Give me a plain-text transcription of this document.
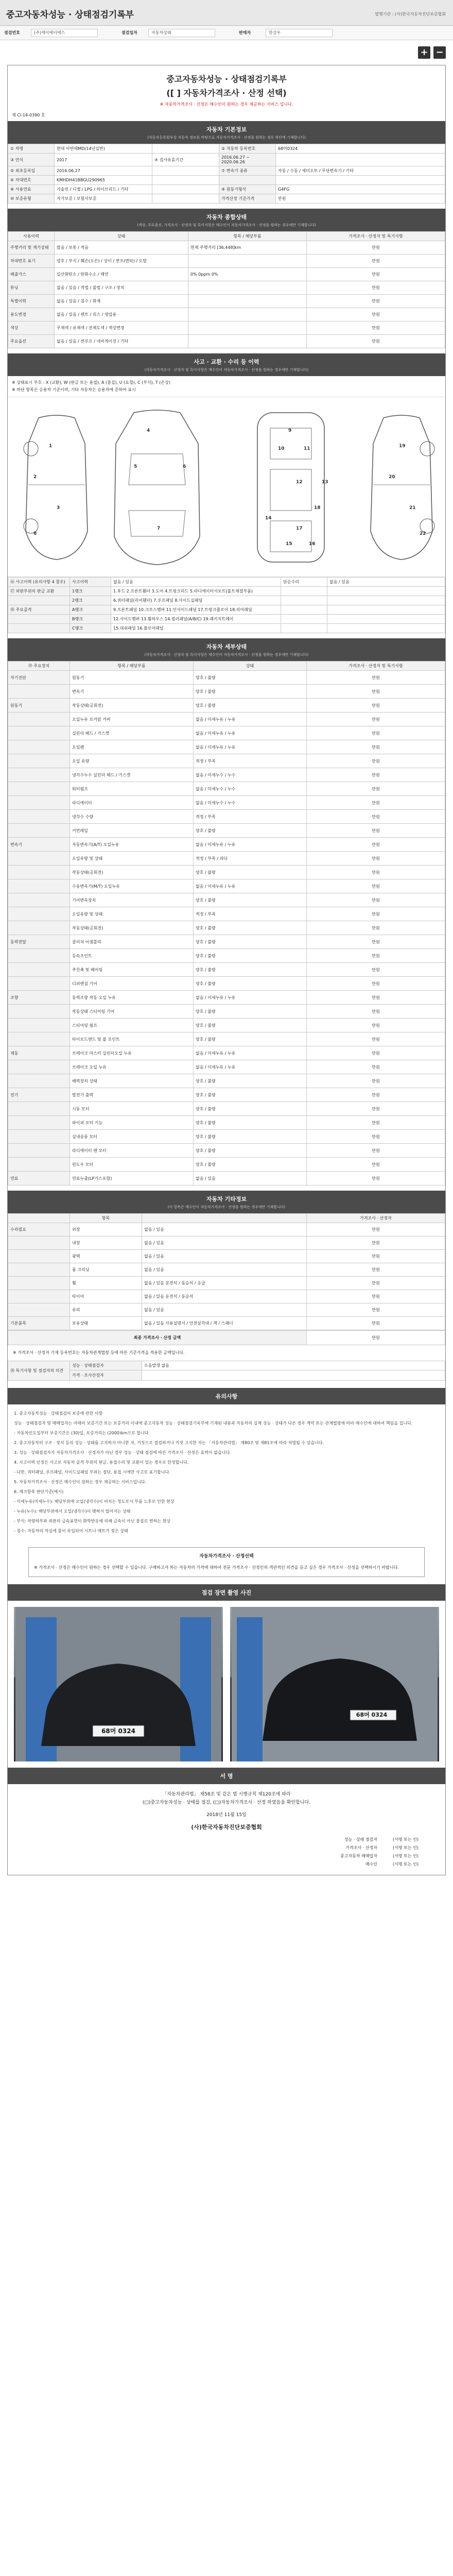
중고자동차성능 · 상태점검기록부	발행기관 : (사)한국자동차진단보증협회
점검번호	(주)케이에이에스	점검일자	자동차상태	판매자	한상우
+ −
중고자동차성능 · 상태점검기록부
([ ] 자동차가격조사 · 산정 선택)
※ 자동차가격조사 · 산정은 매수인이 원하는 경우 제공하는 서비스 입니다.
제 Cl-14-0390 호
자동차 기본정보
(자동차등록원부상 자동차 정보를 바탕으로 자동차가격조사 · 산정을 원하는 경우 하단에 기재합니다)
① 차명	현대 아반떼MD(14년일반)		② 자동차 등록번호	68머0324
③ 연식	2017	④ 검사유효기간	2016.06.27 ~ 2020.06.26	
⑤ 최초등록일	2016.06.27		⑦ 변속기 종류	자동 / 수동 / 세미오토 / 무단변속기 / 기타
⑥ 차대번호	KMHDH41BBGU290965			
⑧ 사용연료	가솔린 / 디젤 / LPG / 하이브리드 / 기타		⑨ 원동기형식	G4FG
⑩ 보증유형	자가보증 / 보험사보증		가격산정 기준가격	만원
자동차 종합상태
(색상, 주요옵션, 가격조사 · 산정자 및 특이사항은 매수인이 자동차가격조사 · 산정을 원하는 경우에만 기재합니다)
사용이력	상태	항목 / 해당부품	가격조사 · 산정자 및 특기사항
주행거리 및 계기상태	많음 / 보통 / 적음	현재 주행거리 [36,448]km	만원
차대번호 표기	양호 / 부식 / 훼손(오손) / 상이 / 변조(변타) / 도말		만원
배출가스	일산화탄소 / 탄화수소 / 매연	0% 0ppm 0%	만원
튜닝	없음 / 있음 / 적법 / 불법 / 구조 / 장치		만원
특별이력	없음 / 있음 / 침수 / 화재		만원
용도변경	없음 / 있음 / 렌트 / 리스 / 영업용		만원
색상	무채색 / 유채색 / 전체도색 / 색상변경		만원
주요옵션	없음 / 있음 / 썬루프 / 네비게이션 / 기타		만원
사고 · 교환 · 수리 등 이력
(자동차가격조사 · 산정자 및 특이사항은 매수인이 자동차가격조사 · 산정을 원하는 경우에만 기재합니다)
※ 상태표시 부호 : X (교환), W (판금 또는 용접), A (흠집), U (요철), C (부식), T (손상)
※ 하단 항목은 승용차 기준이며, 기타 자동차는 승용차에 준하여 표시
1
2
3
4
5	6
7
8
9
10	11
12	13
14
15	16
17
18
19
20
21
22
⑯ 사고이력 (유의사항 4 참조)	사고이력	없음 / 있음	단순수리	없음 / 있음
⑰ 외판부위의 판금 교환	1랭크	1.후드 2.프론트휀더 3.도어 4.트렁크리드 5.라디에이터서포트(볼트체결부품)		
	2랭크	6.쿼터패널(리어휀더) 7.루프패널 8.사이드실패널		
⑱ 주요골격	A랭크	9.프론트패널 10.크로스멤버 11.인사이드패널 17.트렁크플로어 18.리어패널		
	B랭크	12.사이드멤버 13.휠하우스 14.필러패널(A/B/C) 19.패키지트레이		
	C랭크	15.대쉬패널 16.플로어패널		
자동차 세부상태
(자동차가격조사 · 산정자 및 특이사항은 매수인이 자동차가격조사 · 산정을 원하는 경우에만 기재합니다)
⑲ 주요장치	항목 / 해당부품	상태	가격조사 · 산정자 및 특기사항
자기진단	원동기	양호 / 불량	만원
	변속기	양호 / 불량	만원
원동기	작동상태(공회전)	양호 / 불량	만원
	오일누유 로커암 커버	없음 / 미세누유 / 누유	만원
	실린더 헤드 / 가스켓	없음 / 미세누유 / 누유	만원
	오일팬	없음 / 미세누유 / 누유	만원
	오일 유량	적정 / 부족	만원
	냉각수누수 실린더 헤드 / 가스켓	없음 / 미세누수 / 누수	만원
	워터펌프	없음 / 미세누수 / 누수	만원
	라디에이터	없음 / 미세누수 / 누수	만원
	냉각수 수량	적정 / 부족	만원
	커먼레일	양호 / 불량	만원
변속기	자동변속기(A/T) 오일누유	없음 / 미세누유 / 누유	만원
	오일유량 및 상태	적정 / 부족 / 과다	만원
	작동상태(공회전)	양호 / 불량	만원
	수동변속기(M/T) 오일누유	없음 / 미세누유 / 누유	만원
	기어변속장치	양호 / 불량	만원
	오일유량 및 상태	적정 / 부족	만원
	작동상태(공회전)	양호 / 불량	만원
동력전달	클러치 어셈블리	양호 / 불량	만원
	등속조인트	양호 / 불량	만원
	추친축 및 베어링	양호 / 불량	만원
	디퍼렌셜 기어	양호 / 불량	만원
조향	동력조향 작동 오일 누유	없음 / 미세누유 / 누유	만원
	작동상태 스티어링 기어	양호 / 불량	만원
	스티어링 펌프	양호 / 불량	만원
	타이로드엔드 및 볼 조인트	양호 / 불량	만원
제동	브레이크 마스터 실린더오일 누유	없음 / 미세누유 / 누유	만원
	브레이크 오일 누유	없음 / 미세누유 / 누유	만원
	배력장치 상태	양호 / 불량	만원
전기	발전기 출력	양호 / 불량	만원
	시동 모터	양호 / 불량	만원
	와이퍼 모터 기능	양호 / 불량	만원
	실내송풍 모터	양호 / 불량	만원
	라디에이터 팬 모터	양호 / 불량	만원
	윈도우 모터	양호 / 불량	만원
연료	연료누출(LP가스포함)	없음 / 있음	만원
자동차 기타정보
(이 항목은 매수인이 자동차가격조사 · 산정을 원하는 경우에만 기재합니다)
	항목		가격조사 · 산정자
수리필요	외장	없음 / 있음	만원
	내장	없음 / 있음	만원
	광택	없음 / 있음	만원
	룸 크리닝	없음 / 있음	만원
	휠	없음 / 있음 운전석 / 동승석 / 응급	만원
	타이어	없음 / 있음 운전석 / 동승석	만원
	유리	없음 / 있음	만원
기본품목	보유상태	없음 / 있음 사용설명서 / 안전삼각대 / 잭 / 스패너	만원
최종 가격조사 · 산정 금액	만원
※ 가격조사 · 산정자 기재 등록번호는 자동차관계법령 등에 따른 기준가격을 적용한 금액입니다.
⑳ 특기사항 및 점검자의 의견	성능 · 상태점검자	소음발생 없음
	가격 · 조사산정자	
유의사항
1. 중고자동차성능 · 상태점검의 보증에 관한 사항
성능 · 상태점검자 및 매매업자는 아래의 보증기간 또는 보증거리 이내에 중고자동차 성능 · 상태점검기록부에 기재된 내용과 자동차의 실제 성능 · 상태가 다른 경우 계약 또는 관계법령에 따라 매수인에 대하여 책임을 집니다.
- 자동차인도일부터 보증기간은 (30)일, 보증거리는 (2000)km으로 합니다.
2. 중고자동차의 구조 · 장치 등의 성능 · 상태를 고지하지 아니한 자, 거짓으로 점검하거나 거짓 고지한 자는 「자동차관리법」 제80조 및 제81조에 따라 처벌될 수 있습니다.
3. 성능 · 상태점검자가 자동차가격조사 · 산정자가 아닌 경우 성능 · 상태 점검에 따른 가격조사 · 산정은 효력이 없습니다.
4. 사고이력 인정은 사고로 자동차 골격 부위의 판금, 용접수리 및 교환이 있는 경우로 한정합니다.
- 다만, 쿼터패널, 루프패널, 사이드실패널 부위는 절단, 용접 시에만 사고로 표기합니다.
5. 자동차가격조사 · 산정은 매수인이 원하는 경우 제공하는 서비스입니다.
6. 체크항목 판단기준(예시)
- 미세누유(미세누수): 해당부위에 오일(냉각수)이 비치는 정도로서 부품 노후로 인한 현상
- 누유(누수): 해당부위에서 오일(냉각수)이 맺혀서 떨어지는 상태
- 부식: 차량하부와 외판의 금속표면이 화학반응에 의해 금속이 아닌 물질로 변하는 현상
- 침수: 자동차의 차실에 물이 유입되어 시트나 매트가 젖은 상태
자동차가격조사 · 산정선택
※ 가격조사 · 산정은 매수인이 원하는 경우 선택할 수 있습니다. 구매하고자 하는 자동차의 가격에 대하여 전문 가격조사 · 산정인의 객관적인 의견을 듣고 싶은 경우 가격조사 · 산정을 선택하시기 바랍니다.
점검 장면 촬영 사진
68머 0324
68머 0324
서 명
「자동차관리법」 제58조 및 같은 법 시행규칙 제120조에 따라
(□)중고자동차성능 · 상태를 점검, (□)자동차가격조사 · 산정 하였음을 확인합니다.
2018년 11월 15일
(사)한국자동차진단보증협회
성능 · 상태 점검자	(서명 또는 인)
가격조사 · 산정자	(서명 또는 인)
중고자동차 매매업자	(서명 또는 인)
매수인	(서명 또는 인)
